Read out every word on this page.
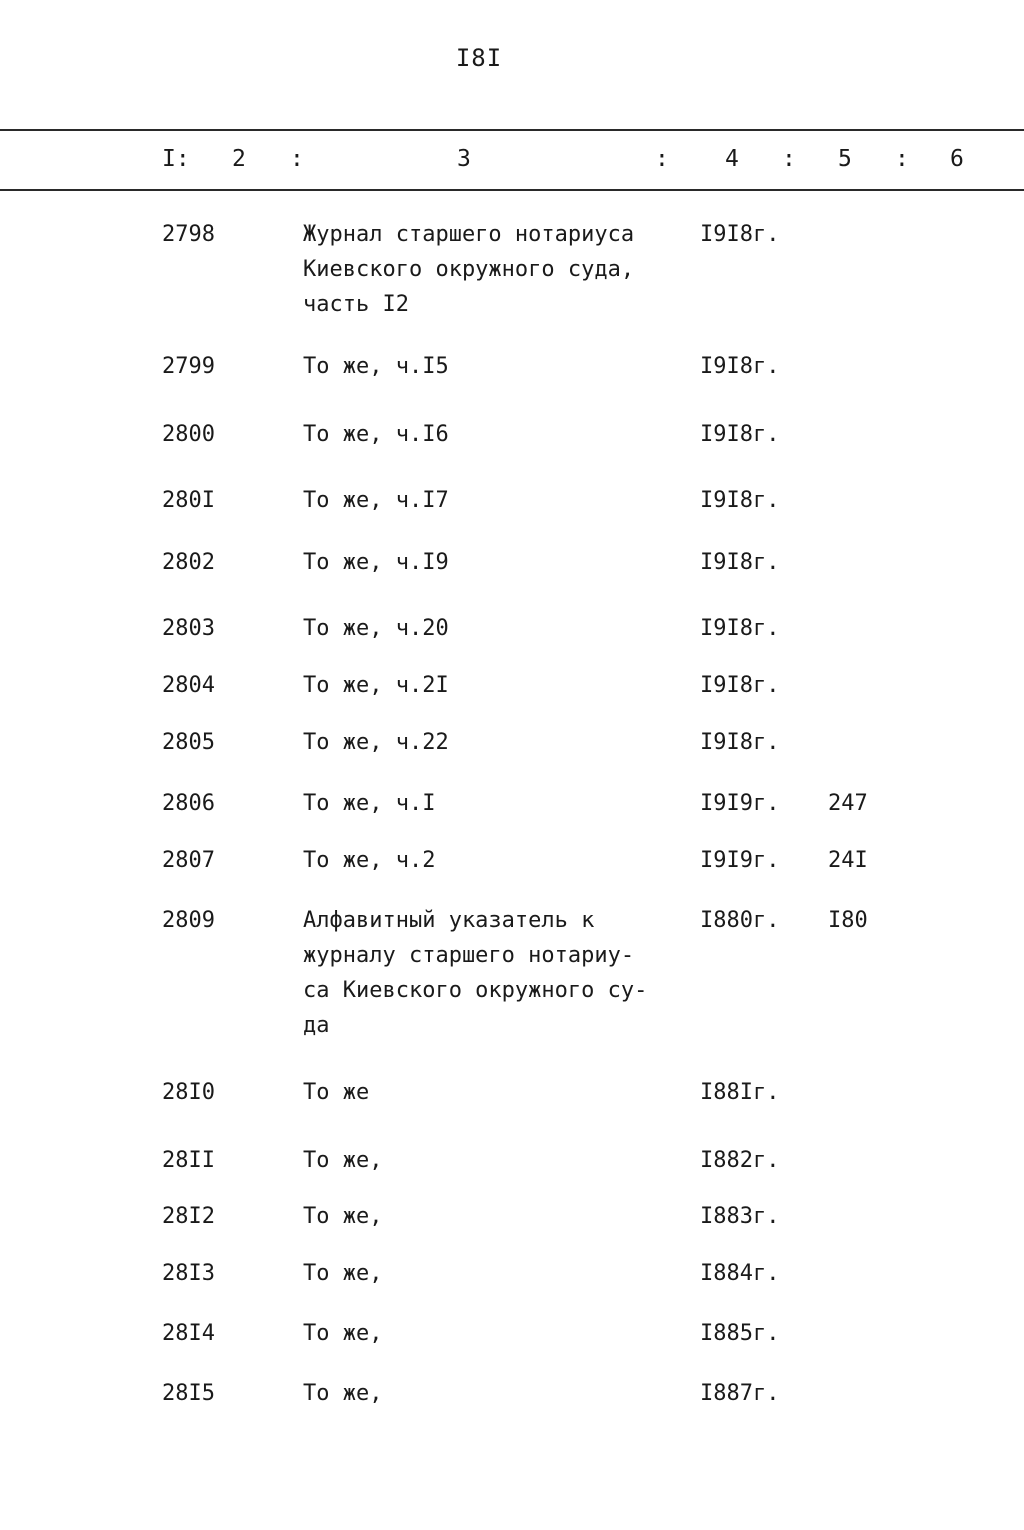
I8I
I: 2 :	3	: 4 : 5 : 6
2798	Журнал старшего нотариуса
Киевского окружного суда,
часть I2
I9I8г.
2799	То же, ч.I5	I9I8г.
2800	То же, ч.I6	I9I8г.
280I	То же, ч.I7	I9I8г.
2802	То же, ч.I9	I9I8г.
2803	То же, ч.20	I9I8г.
2804	То же, ч.2I	I9I8г.
2805	То же, ч.22	I9I8г.
2806	То же, ч.I	I9I9г. 247
2807	То же, ч.2	I9I9г. 24I
2809	Алфавитный указатель к
журналу старшего нотариу-
са Киевского окружного су-
да
I880г. I80
28I0	То же	I88Iг.
28II	То же,	I882г.
28I2	То же,	I883г.
28I3	То же,	I884г.
28I4	То же,	I885г.
28I5	То же,	I887г.
